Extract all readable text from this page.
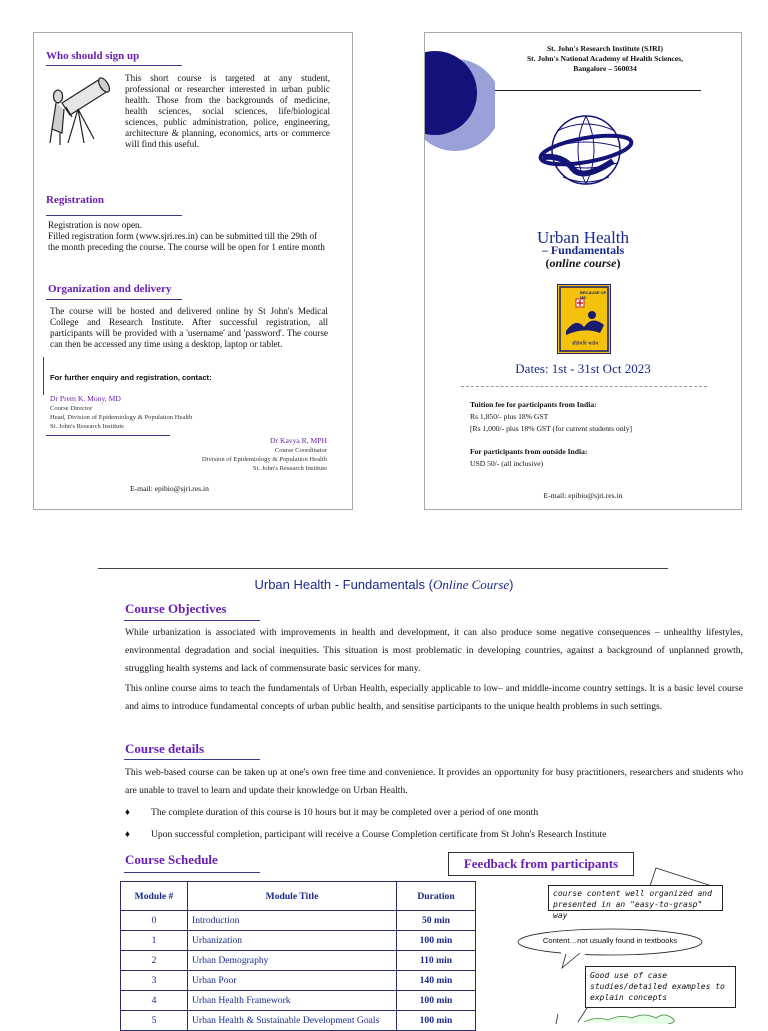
Who should sign up
This short course is targeted at any student, professional or researcher interested in urban public health. Those from the backgrounds of medicine, health sciences, social sciences, life/biological sciences, public administration, police, engineering, architecture & planning, economics, arts or commerce will find this useful.
Registration
Registration is now open.
Filled registration form (www.sjri.res.in) can be submitted till the 29th of the month preceding the course. The course will be open for 1 entire month
Organization and delivery
The course will be hosted and delivered online by St John's Medical College and Research Institute. After successful registration, all participants will be provided with a 'username' and 'password'. The course can then be accessed any time using a desktop, laptop or tablet.
For further enquiry and registration, contact:
Dr Prem K. Mony, MD
Course Director
Head, Division of Epidemiology & Population Health
St. John's Research Institute
Dr Kavya R, MPH
Course Coordinator
Division of Epidemiology & Population Health
St. John's Research Institute
E-mail: epibio@sjri.res.in
St. John's Research Institute (SJRI)
St. John's National Academy of Health Sciences,
Bangalore – 560034
Urban Health
– Fundamentals
(online course)
BECAUSE OF ME
जीवेमपि भावेन
Dates: 1st - 31st Oct 2023
Tuition fee for participants from India:
Rs 1,850/- plus 18% GST
[Rs 1,000/- plus 18% GST (for current students only]
For participants from outside India:
USD 50/- (all inclusive)
E-mail: epibio@sjri.res.in
Urban Health - Fundamentals (Online Course)
Course Objectives
While urbanization is associated with improvements in health and development, it can also produce some negative consequences – unhealthy lifestyles, environmental degradation and social inequities. This situation is most problematic in developing countries, against a background of unplanned growth, struggling health systems and lack of commensurate basic services for many.
This online course aims to teach the fundamentals of Urban Health, especially applicable to low– and middle-income country settings. It is a basic level course and aims to introduce fundamental concepts of urban public health, and sensitise participants to the unique health problems in such settings.
Course details
This web-based course can be taken up at one's own free time and convenience. It provides an opportunity for busy practitioners, researchers and students who are unable to travel to learn and update their knowledge on Urban Health.
♦ The complete duration of this course is 10 hours but it may be completed over a period of one month
♦ Upon successful completion, participant will receive a Course Completion certificate from St John's Research Institute
Course Schedule
Module #	Module Title	Duration
0	Introduction	50 min
1	Urbanization	100 min
2	Urban Demography	110 min
3	Urban Poor	140 min
4	Urban Health Framework	100 min
5	Urban Health & Sustainable Development Goals	100 min
Feedback from participants
course content well organized and presented in an "easy-to-grasp" way
Content…not usually found in textbooks
Good use of case studies/detailed examples to explain concepts
